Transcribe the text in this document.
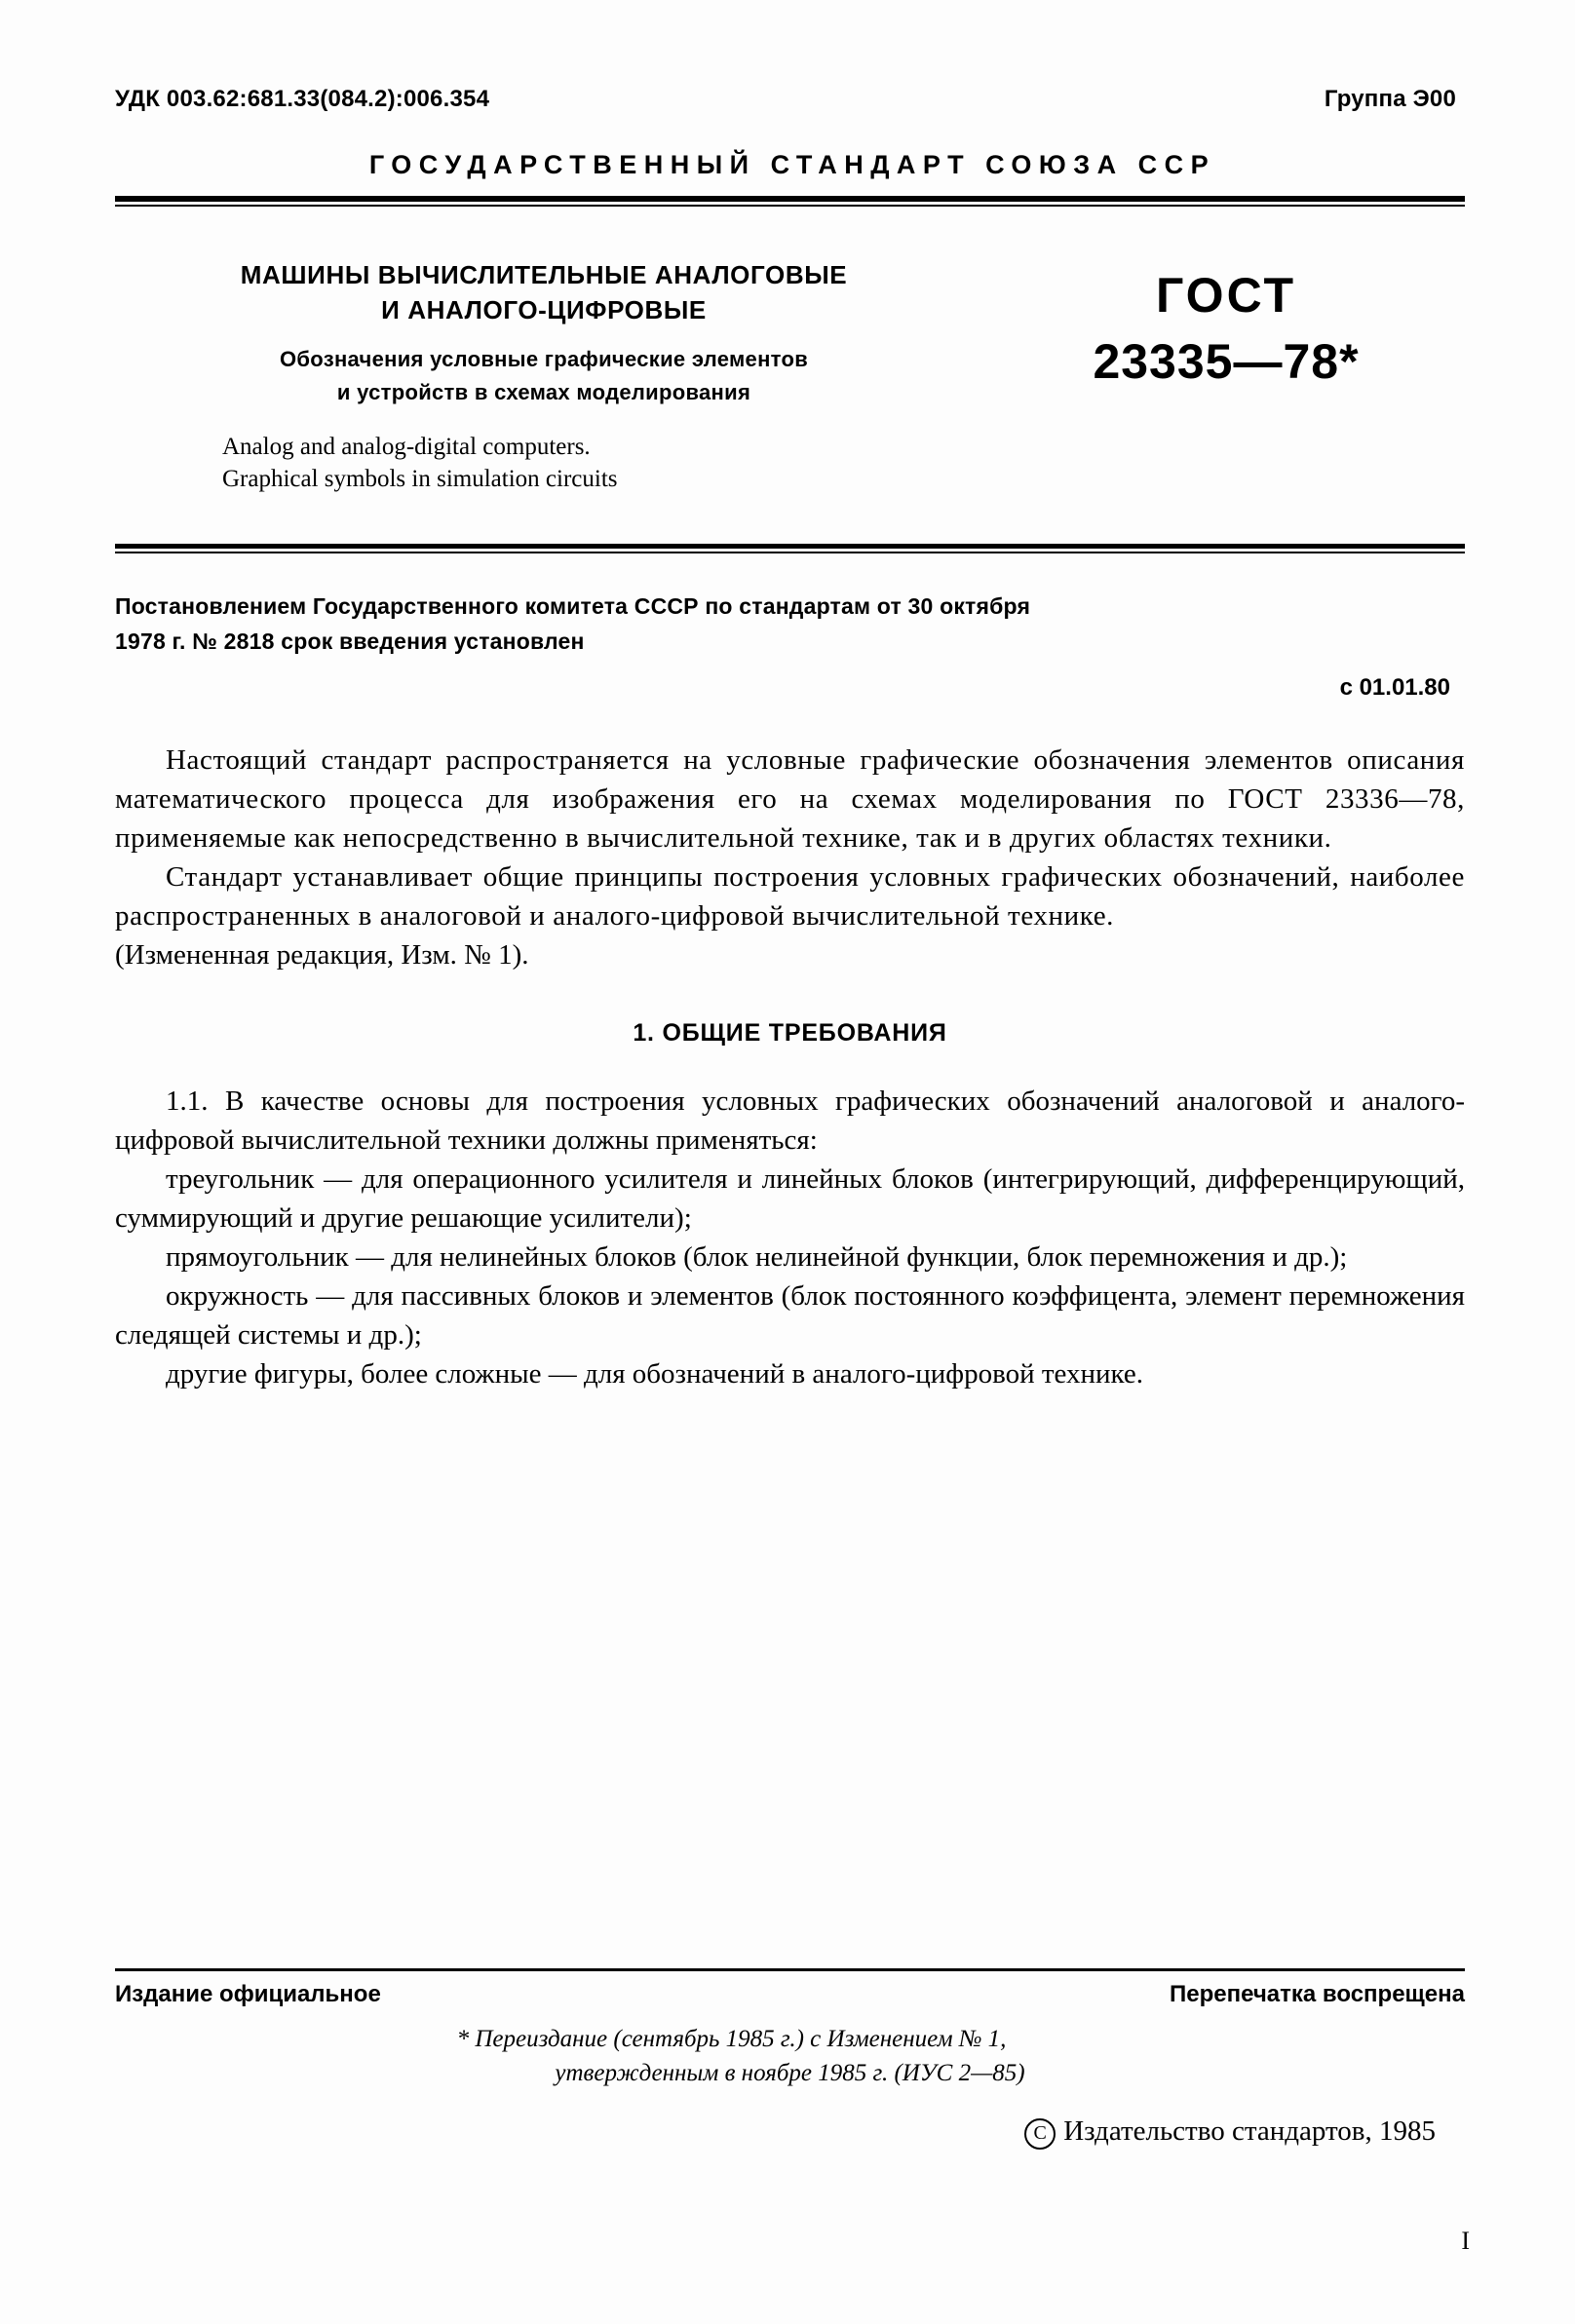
УДК 003.62:681.33(084.2):006.354	Группа Э00
ГОСУДАРСТВЕННЫЙ СТАНДАРТ СОЮЗА ССР
МАШИНЫ ВЫЧИСЛИТЕЛЬНЫЕ АНАЛОГОВЫЕ
И АНАЛОГО-ЦИФРОВЫЕ
Обозначения условные графические элементов
и устройств в схемах моделирования
Analog and analog-digital computers.
Graphical symbols in simulation circuits
ГОСТ
23335—78*
Постановлением Государственного комитета СССР по стандартам от 30 октября
1978 г. № 2818 срок введения установлен
с 01.01.80

Настоящий стандарт распространяется на условные графические обозначения элементов описания математического процесса для изображения его на схемах моделирования по ГОСТ 23336—78, применяемые как непосредственно в вычислительной технике, так и в других областях техники.

Стандарт устанавливает общие принципы построения условных графических обозначений, наиболее распространенных в аналоговой и аналого-цифровой вычислительной технике.

(Измененная редакция, Изм. № 1).

1. ОБЩИЕ ТРЕБОВАНИЯ

1.1. В качестве основы для построения условных графических обозначений аналоговой и аналого-цифровой вычислительной техники должны применяться:

треугольник — для операционного усилителя и линейных блоков (интегрирующий, дифференцирующий, суммирующий и другие решающие усилители);

прямоугольник — для нелинейных блоков (блок нелинейной функции, блок перемножения и др.);

окружность — для пассивных блоков и элементов (блок постоянного коэффицента, элемент перемножения следящей системы и др.);

другие фигуры, более сложные — для обозначений в аналого-цифровой технике.

Издание официальное	Перепечатка воспрещена
* Переиздание (сентябрь 1985 г.) с Изменением № 1,
утвержденным в ноябре 1985 г. (ИУС 2—85)
C Издательство стандартов, 1985
I
